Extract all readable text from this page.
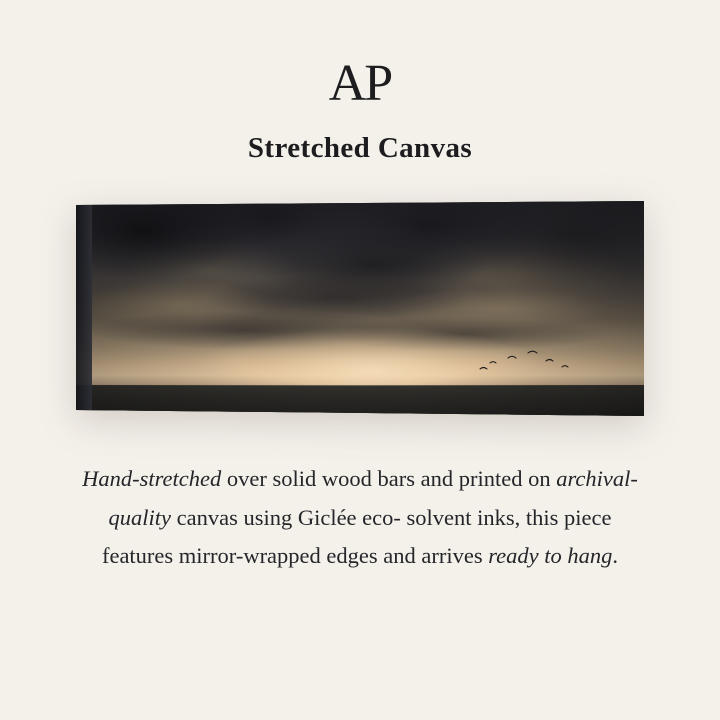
AP
Stretched Canvas
Hand-stretched over solid wood bars and printed on archival-quality canvas using Giclée eco- solvent inks, this piece features mirror-wrapped edges and arrives ready to hang.
